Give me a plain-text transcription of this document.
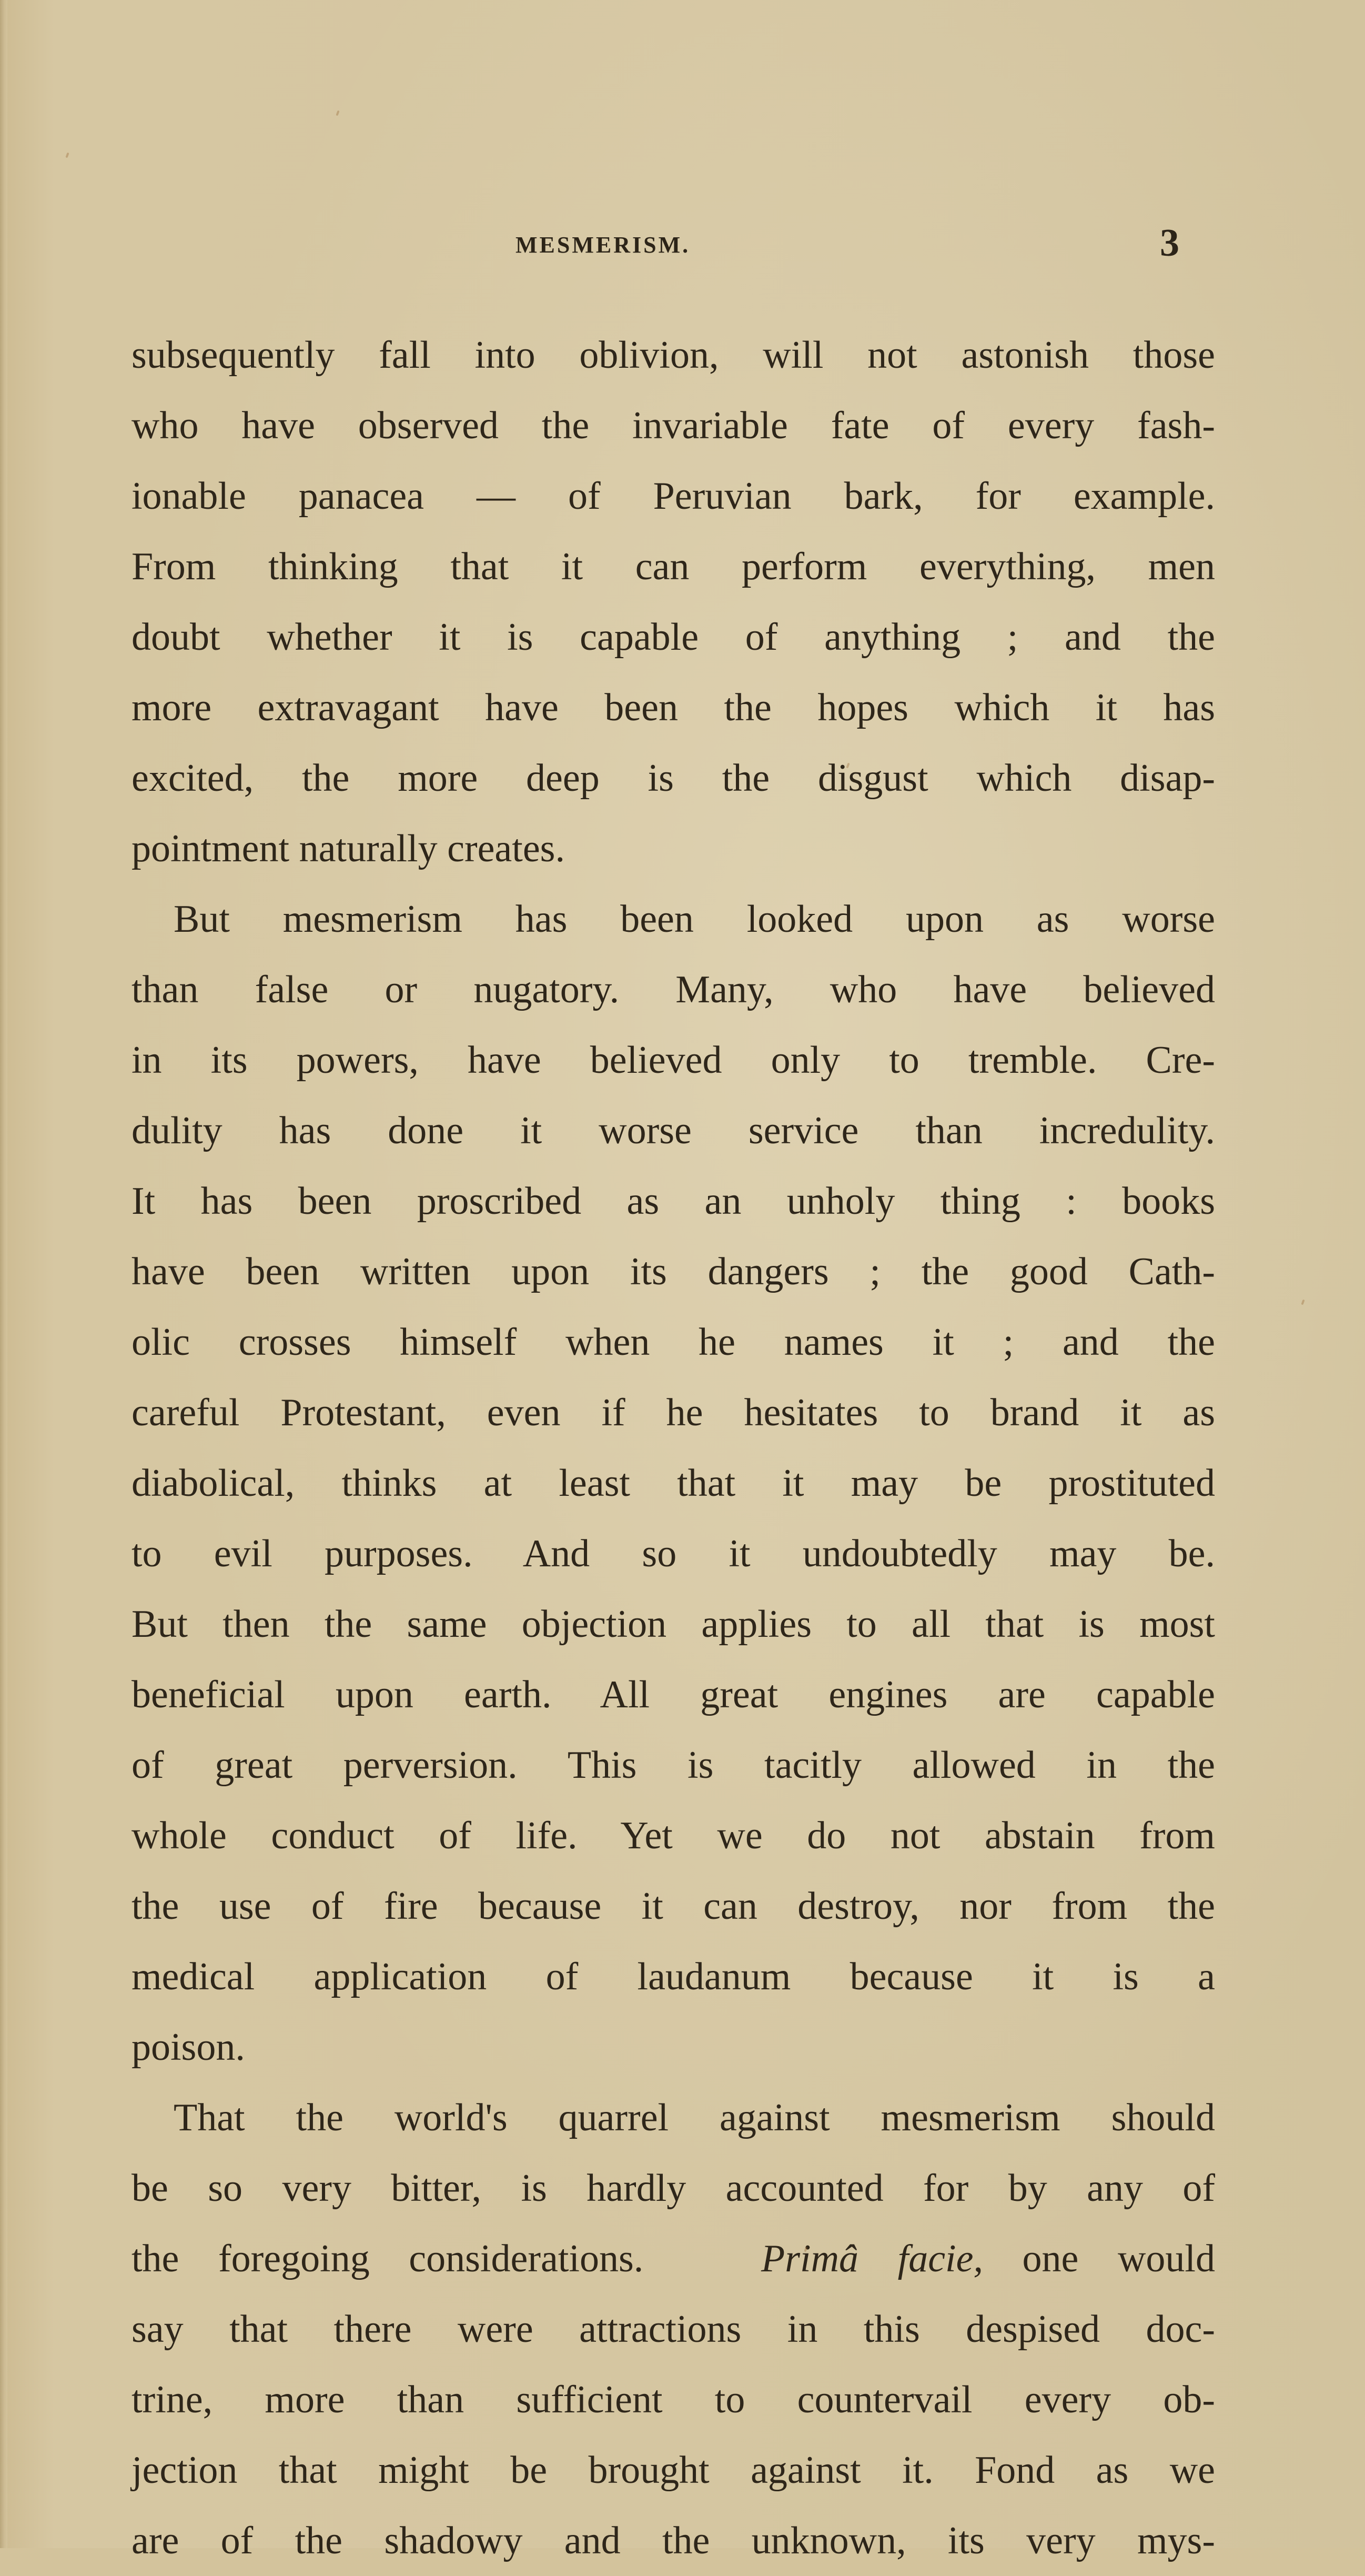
MESMERISM.	3
subsequently fall into oblivion, will not astonish those
who have observed the invariable fate of every fash-
ionable panacea — of Peruvian bark, for example.
From thinking that it can perform everything, men
doubt whether it is capable of anything ; and the
more extravagant have been the hopes which it has
excited, the more deep is the disgust which disap-
pointment naturally creates.
But mesmerism has been looked upon as worse
than false or nugatory. Many, who have believed
in its powers, have believed only to tremble. Cre-
dulity has done it worse service than incredulity.
It has been proscribed as an unholy thing : books
have been written upon its dangers ; the good Cath-
olic crosses himself when he names it ; and the
careful Protestant, even if he hesitates to brand it as
diabolical, thinks at least that it may be prostituted
to evil purposes. And so it undoubtedly may be.
But then the same objection applies to all that is most
beneficial upon earth. All great engines are capable
of great perversion. This is tacitly allowed in the
whole conduct of life. Yet we do not abstain from
the use of fire because it can destroy, nor from the
medical application of laudanum because it is a
poison.
That the world's quarrel against mesmerism should
be so very bitter, is hardly accounted for by any of
the foregoing considerations.	Primâ facie, one would
say that there were attractions in this despised doc-
trine, more than sufficient to countervail every ob-
jection that might be brought against it. Fond as we
are of the shadowy and the unknown, its very mys-
